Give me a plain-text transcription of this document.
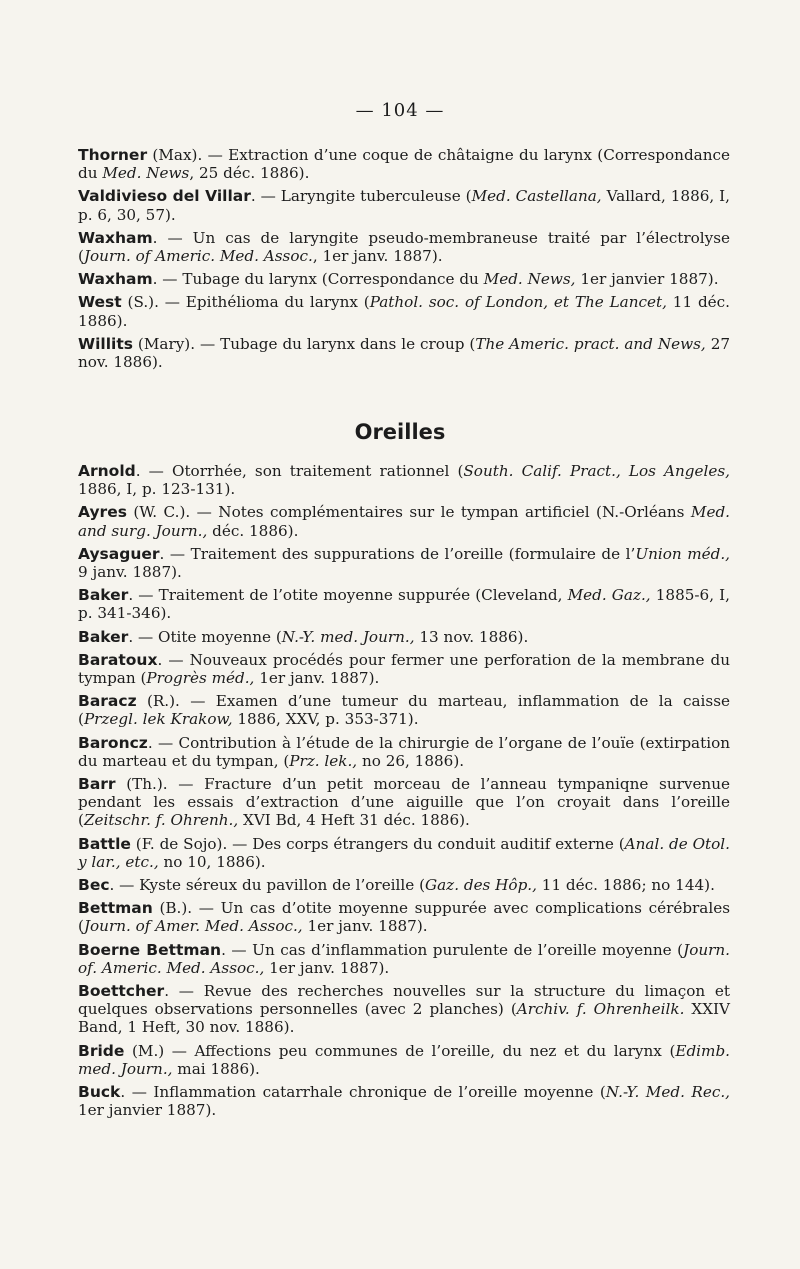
— 104 —

Thorner (Max). — Extraction d’une coque de châtaigne du larynx (Correspondance du Med. News, 25 déc. 1886).

Valdivieso del Villar. — Laryngite tuberculeuse (Med. Castellana, Vallard, 1886, I, p. 6, 30, 57).

Waxham. — Un cas de laryngite pseudo-membraneuse traité par l’électrolyse (Journ. of Americ. Med. Assoc., 1er janv. 1887).

Waxham. — Tubage du larynx (Correspondance du Med. News, 1er janvier 1887).

West (S.). — Epithélioma du larynx (Pathol. soc. of London, et The Lancet, 11 déc. 1886).

Willits (Mary). — Tubage du larynx dans le croup (The Americ. pract. and News, 27 nov. 1886).

Oreilles

Arnold. — Otorrhée, son traitement rationnel (South. Calif. Pract., Los Angeles, 1886, I, p. 123-131).

Ayres (W. C.). — Notes complémentaires sur le tympan artificiel (N.-Orléans Med. and surg. Journ., déc. 1886).

Aysaguer. — Traitement des suppurations de l’oreille (formulaire de l’Union méd., 9 janv. 1887).

Baker. — Traitement de l’otite moyenne suppurée (Cleveland, Med. Gaz., 1885-6, I, p. 341-346).

Baker. — Otite moyenne (N.-Y. med. Journ., 13 nov. 1886).

Baratoux. — Nouveaux procédés pour fermer une perforation de la membrane du tympan (Progrès méd., 1er janv. 1887).

Baracz (R.). — Examen d’une tumeur du marteau, inflammation de la caisse (Przegl. lek Krakow, 1886, XXV, p. 353-371).

Baroncz. — Contribution à l’étude de la chirurgie de l’organe de l’ouïe (extirpation du marteau et du tympan, (Prz. lek., no 26, 1886).

Barr (Th.). — Fracture d’un petit morceau de l’anneau tympaniqne survenue pendant les essais d’extraction d’une aiguille que l’on croyait dans l’oreille (Zeitschr. f. Ohrenh., XVI Bd, 4 Heft 31 déc. 1886).

Battle (F. de Sojo). — Des corps étrangers du conduit auditif externe (Anal. de Otol. y lar., etc., no 10, 1886).

Bec. — Kyste séreux du pavillon de l’oreille (Gaz. des Hôp., 11 déc. 1886; no 144).

Bettman (B.). — Un cas d’otite moyenne suppurée avec complications cérébrales (Journ. of Amer. Med. Assoc., 1er janv. 1887).

Boerne Bettman. — Un cas d’inflammation purulente de l’oreille moyenne (Journ. of. Americ. Med. Assoc., 1er janv. 1887).

Boettcher. — Revue des recherches nouvelles sur la structure du limaçon et quelques observations personnelles (avec 2 planches) (Archiv. f. Ohrenheilk. XXIV Band, 1 Heft, 30 nov. 1886).

Bride (M.) — Affections peu communes de l’oreille, du nez et du larynx (Edimb. med. Journ., mai 1886).

Buck. — Inflammation catarrhale chronique de l’oreille moyenne (N.-Y. Med. Rec., 1er janvier 1887).
